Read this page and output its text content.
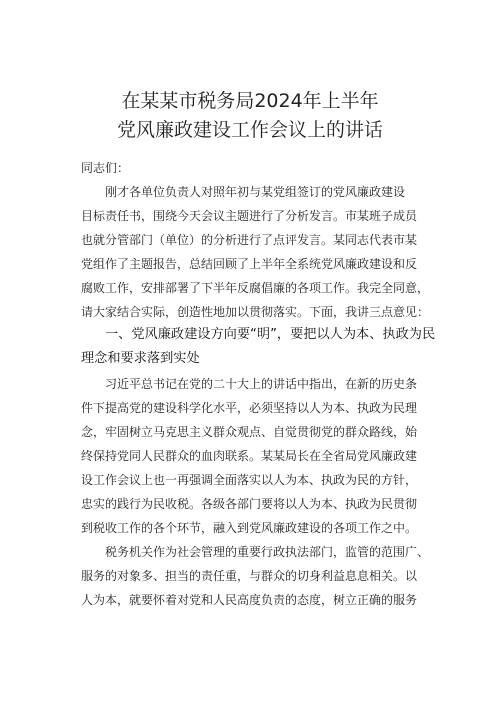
在某某市税务局2024年上半年
党风廉政建设工作会议上的讲话
同志们：
刚才各单位负责人对照年初与某党组签订的党风廉政建设
目标责任书，围绕今天会议主题进行了分析发言。市某班子成员
也就分管部门（单位）的分析进行了点评发言。某同志代表市某
党组作了主题报告，总结回顾了上半年全系统党风廉政建设和反
腐败工作，安排部署了下半年反腐倡廉的各项工作。我完全同意，
请大家结合实际，创造性地加以贯彻落实。下面，我讲三点意见：
一、党风廉政建设方向要“明”，要把以人为本、执政为民
理念和要求落到实处
习近平总书记在党的二十大上的讲话中指出，在新的历史条
件下提高党的建设科学化水平，必须坚持以人为本、执政为民理
念，牢固树立马克思主义群众观点、自觉贯彻党的群众路线，始
终保持党同人民群众的血肉联系。某某局长在全省局党风廉政建
设工作会议上也一再强调全面落实以人为本、执政为民的方针，
忠实的践行为民收税。各级各部门要将以人为本、执政为民贯彻
到税收工作的各个环节，融入到党风廉政建设的各项工作之中。
税务机关作为社会管理的重要行政执法部门，监管的范围广、
服务的对象多、担当的责任重，与群众的切身利益息息相关。以
人为本，就要怀着对党和人民高度负责的态度，树立正确的服务
